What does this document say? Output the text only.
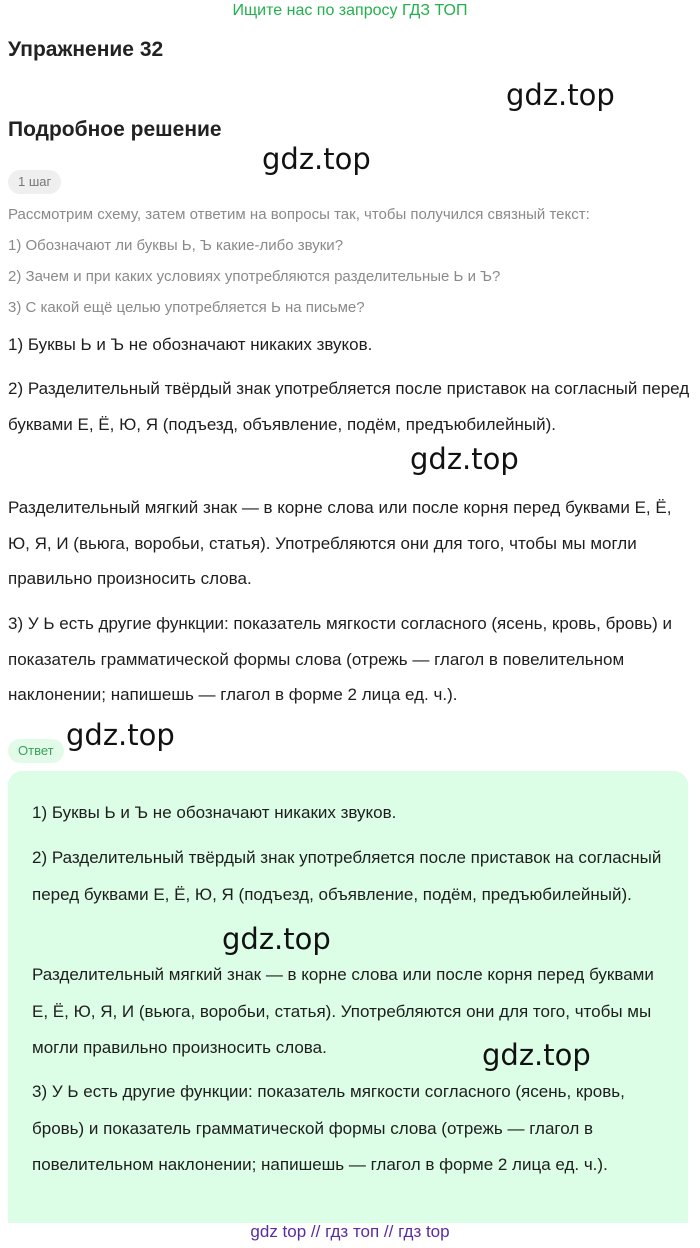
Ищите нас по запросу ГДЗ ТОП
Упражнение 32
gdz.top
Подробное решение
gdz.top
1 шаг
Рассмотрим схему, затем ответим на вопросы так, чтобы получился связный текст:
1) Обозначают ли буквы Ь, Ъ какие-либо звуки?
2) Зачем и при каких условиях употребляются разделительные Ь и Ъ?
3) С какой ещё целью употребляется Ь на письме?
1) Буквы Ь и Ъ не обозначают никаких звуков.
2) Разделительный твёрдый знак употребляется после приставок на согласный перед буквами Е, Ё, Ю, Я (подъезд, объявление, подём, предъюбилейный).
gdz.top
Разделительный мягкий знак — в корне слова или после корня перед буквами Е, Ё, Ю, Я, И (вьюга, воробьи, статья). Употребляются они для того, чтобы мы могли правильно произносить слова.
3) У Ь есть другие функции: показатель мягкости согласного (ясень, кровь, бровь) и показатель грамматической формы слова (отрежь — глагол в повелительном наклонении; напишешь — глагол в форме 2 лица ед. ч.).
Ответ gdz.top
1) Буквы Ь и Ъ не обозначают никаких звуков.
2) Разделительный твёрдый знак употребляется после приставок на согласный перед буквами Е, Ё, Ю, Я (подъезд, объявление, подём, предъюбилейный).
gdz.top
Разделительный мягкий знак — в корне слова или после корня перед буквами Е, Ё, Ю, Я, И (вьюга, воробьи, статья). Употребляются они для того, чтобы мы могли правильно произносить слова.	gdz.top
3) У Ь есть другие функции: показатель мягкости согласного (ясень, кровь, бровь) и показатель грамматической формы слова (отрежь — глагол в повелительном наклонении; напишешь — глагол в форме 2 лица ед. ч.).
gdz top // гдз топ // гдз top
